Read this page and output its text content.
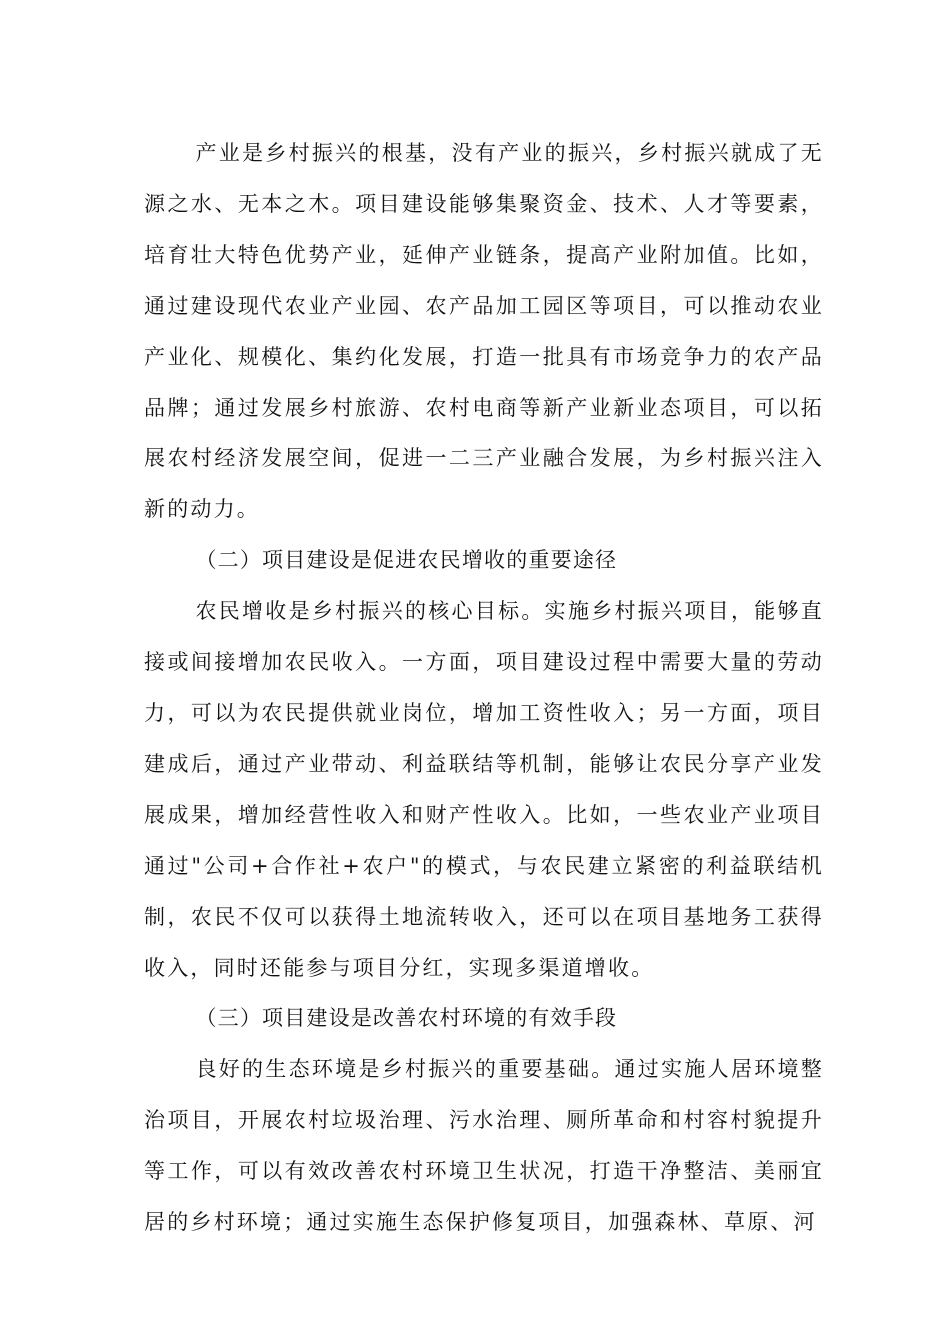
产业是乡村振兴的根基，没有产业的振兴，乡村振兴就成了无源之水、无本之木。项目建设能够集聚资金、技术、人才等要素，培育壮大特色优势产业，延伸产业链条，提高产业附加值。比如，通过建设现代农业产业园、农产品加工园区等项目，可以推动农业产业化、规模化、集约化发展，打造一批具有市场竞争力的农产品品牌；通过发展乡村旅游、农村电商等新产业新业态项目，可以拓展农村经济发展空间，促进一二三产业融合发展，为乡村振兴注入新的动力。

（二）项目建设是促进农民增收的重要途径

农民增收是乡村振兴的核心目标。实施乡村振兴项目，能够直接或间接增加农民收入。一方面，项目建设过程中需要大量的劳动力，可以为农民提供就业岗位，增加工资性收入；另一方面，项目建成后，通过产业带动、利益联结等机制，能够让农民分享产业发展成果，增加经营性收入和财产性收入。比如，一些农业产业项目通过"公司+合作社+农户"的模式，与农民建立紧密的利益联结机制，农民不仅可以获得土地流转收入，还可以在项目基地务工获得收入，同时还能参与项目分红，实现多渠道增收。

（三）项目建设是改善农村环境的有效手段

良好的生态环境是乡村振兴的重要基础。通过实施人居环境整治项目，开展农村垃圾治理、污水治理、厕所革命和村容村貌提升等工作，可以有效改善农村环境卫生状况，打造干净整洁、美丽宜居的乡村环境；通过实施生态保护修复项目，加强森林、草原、河
